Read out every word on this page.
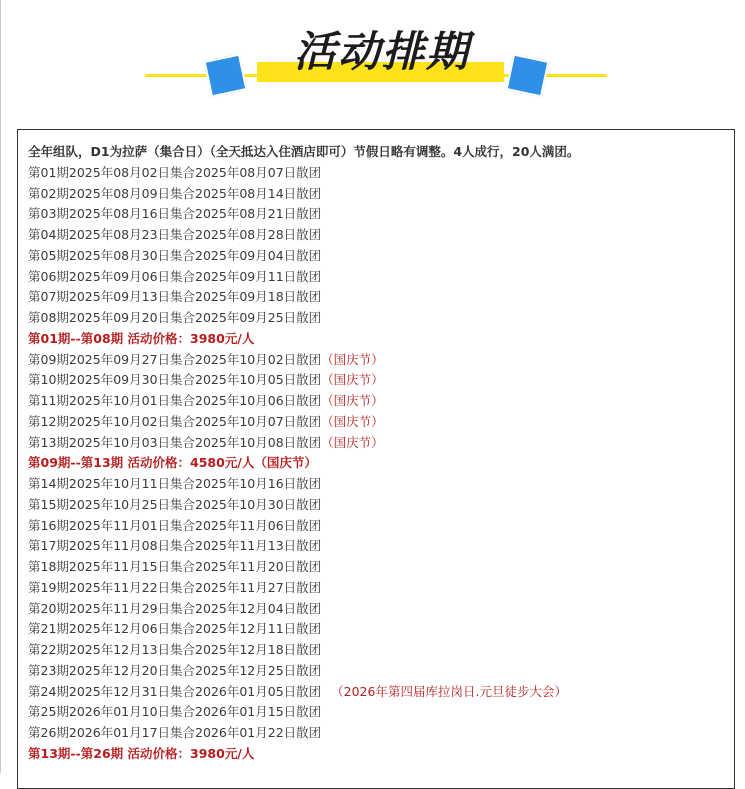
活动排期
全年组队，D1为拉萨（集合日）（全天抵达入住酒店即可）节假日略有调整。4人成行，20人满团。
第01期2025年08月02日集合2025年08月07日散团
第02期2025年08月09日集合2025年08月14日散团
第03期2025年08月16日集合2025年08月21日散团
第04期2025年08月23日集合2025年08月28日散团
第05期2025年08月30日集合2025年09月04日散团
第06期2025年09月06日集合2025年09月11日散团
第07期2025年09月13日集合2025年09月18日散团
第08期2025年09月20日集合2025年09月25日散团
第01期--第08期 活动价格：3980元/人
第09期2025年09月27日集合2025年10月02日散团（国庆节）
第10期2025年09月30日集合2025年10月05日散团（国庆节）
第11期2025年10月01日集合2025年10月06日散团（国庆节）
第12期2025年10月02日集合2025年10月07日散团（国庆节）
第13期2025年10月03日集合2025年10月08日散团（国庆节）
第09期--第13期 活动价格：4580元/人（国庆节）
第14期2025年10月11日集合2025年10月16日散团
第15期2025年10月25日集合2025年10月30日散团
第16期2025年11月01日集合2025年11月06日散团
第17期2025年11月08日集合2025年11月13日散团
第18期2025年11月15日集合2025年11月20日散团
第19期2025年11月22日集合2025年11月27日散团
第20期2025年11月29日集合2025年12月04日散团
第21期2025年12月06日集合2025年12月11日散团
第22期2025年12月13日集合2025年12月18日散团
第23期2025年12月20日集合2025年12月25日散团
第24期2025年12月31日集合2026年01月05日散团 （2026年第四届库拉岗日.元旦徒步大会）
第25期2026年01月10日集合2026年01月15日散团
第26期2026年01月17日集合2026年01月22日散团
第13期--第26期 活动价格：3980元/人
